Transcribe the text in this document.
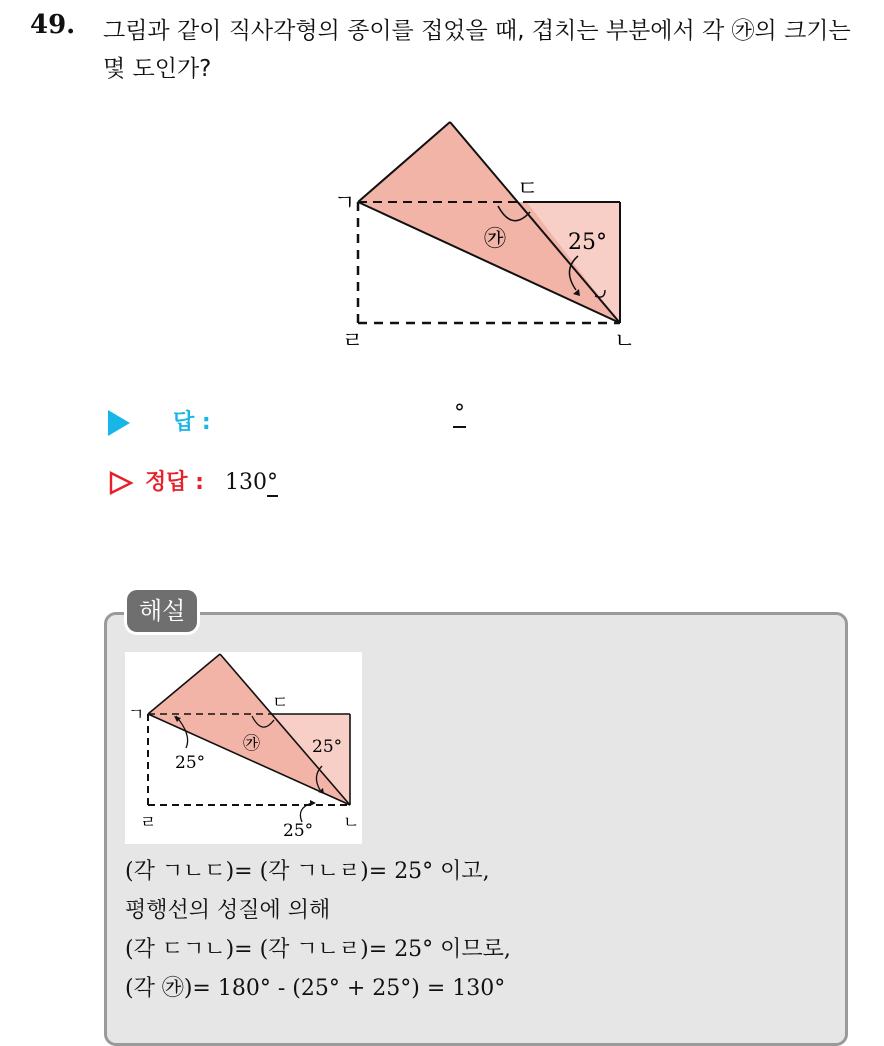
49. 그림과 같이 직사각형의 종이를 접었을 때, 겹치는 부분에서 각 ㉮의 크기는 몇 도인가?
ㄱ
ㄷ
ㄹ	ㄴ
㉮	25°
답 :	°
정답 : 130°
해설
ㄱ
ㄷ
ㄹ	ㄴ
㉮	25°
25°
25°
(각 ㄱㄴㄷ)= (각 ㄱㄴㄹ)= 25° 이고,
평행선의 성질에 의해
(각 ㄷㄱㄴ)= (각 ㄱㄴㄹ)= 25° 이므로,
(각 ㉮)= 180° - (25° + 25°) = 130°
